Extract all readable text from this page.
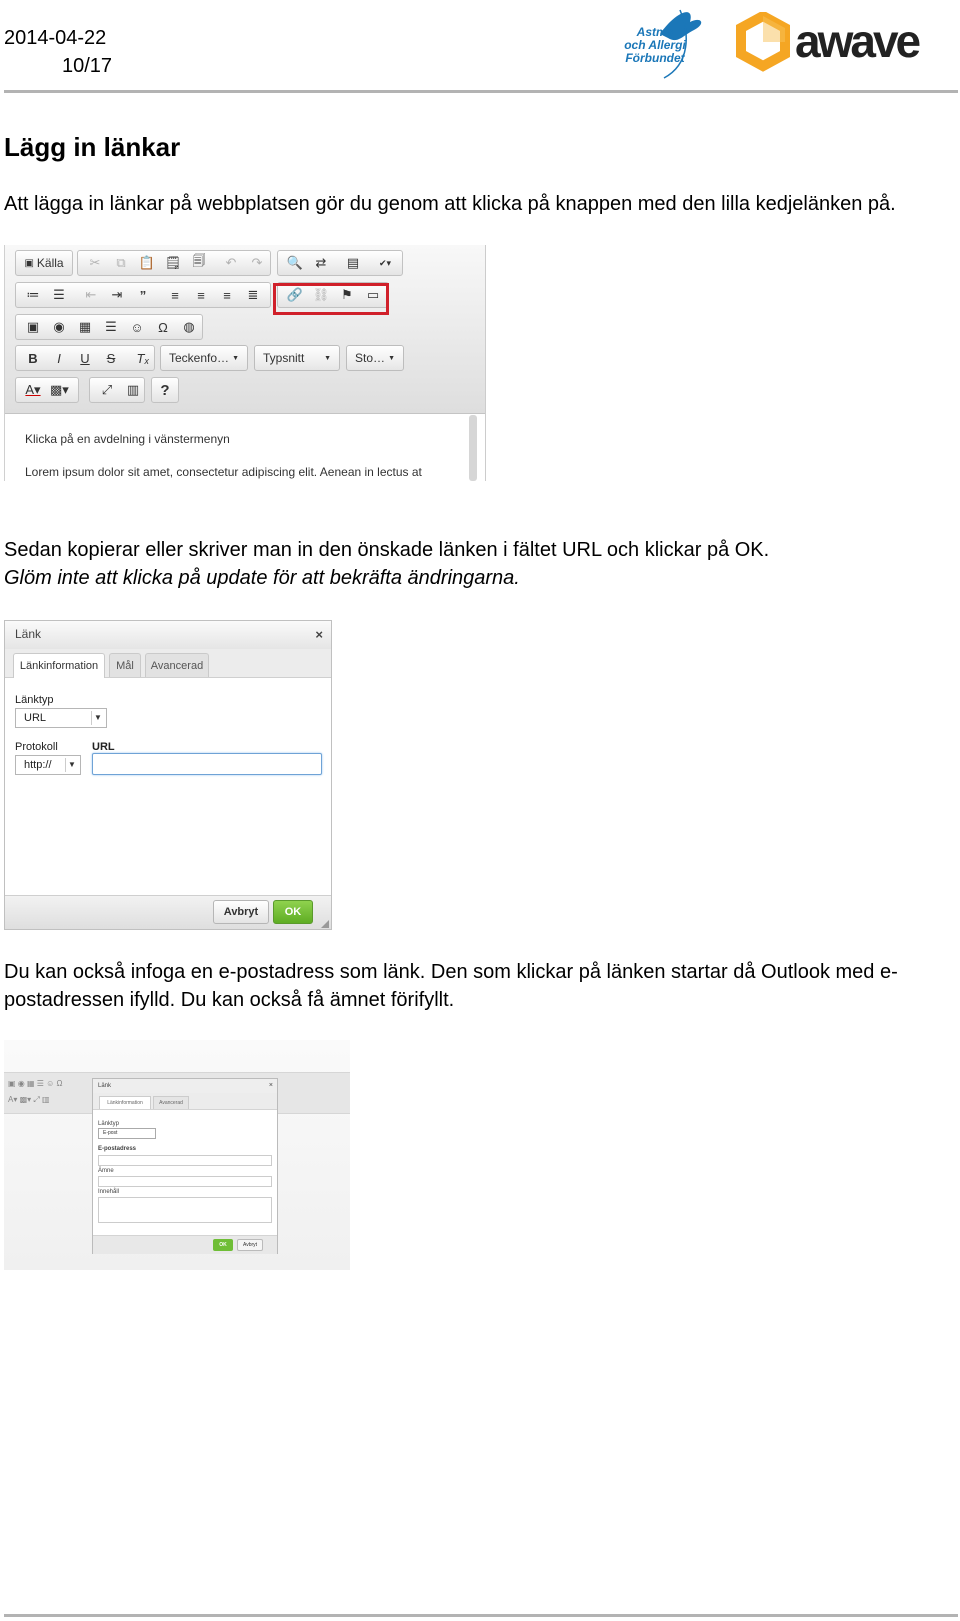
2014-04-22
10/17
Astma
och Allergi
Förbundet awave
Lägg in länkar
Att lägga in länkar på webbplatsen gör du genom att klicka på knappen med den lilla kedjelänken på.
▣ Källa	✂	⧉	📋 🗒 🗐	↶	↷	🔍 ⇄	▤	✔▾
≔	☰	⇤	⇥	”	≡	≡	≡	≣	🔗 ⛓ ⚑	▭
▣	◉	▦	☰	☺	Ω	◍
B	I	U	S	Tₓ	Teckenfo… ▼ Typsnitt	▼ Sto… ▼
A▾ ▩▾	⤢	▥	?
Klicka på en avdelning i vänstermenyn
Lorem ipsum dolor sit amet, consectetur adipiscing elit. Aenean in lectus at
Sedan kopierar eller skriver man in den önskade länken i fältet URL och klickar på OK.
Glöm inte att klicka på update för att bekräfta ändringarna.
Länk	×
Länkinformation	Mål	Avancerad
Länktyp
URL	▼
Protokoll
http://	▼
URL
Avbryt	OK
Du kan också infoga en e-postadress som länk. Den som klickar på länken startar då Outlook med e-
postadressen ifylld. Du kan också få ämnet förifyllt.
▣ ◉ ▦ ☰ ☺ Ω
A▾ ▩▾ ⤢ ▥
Länk	×
Länkinformation	Avancerad
Länktyp
E-post
E-postadress
Ämne
Innehåll
OK	Avbryt
